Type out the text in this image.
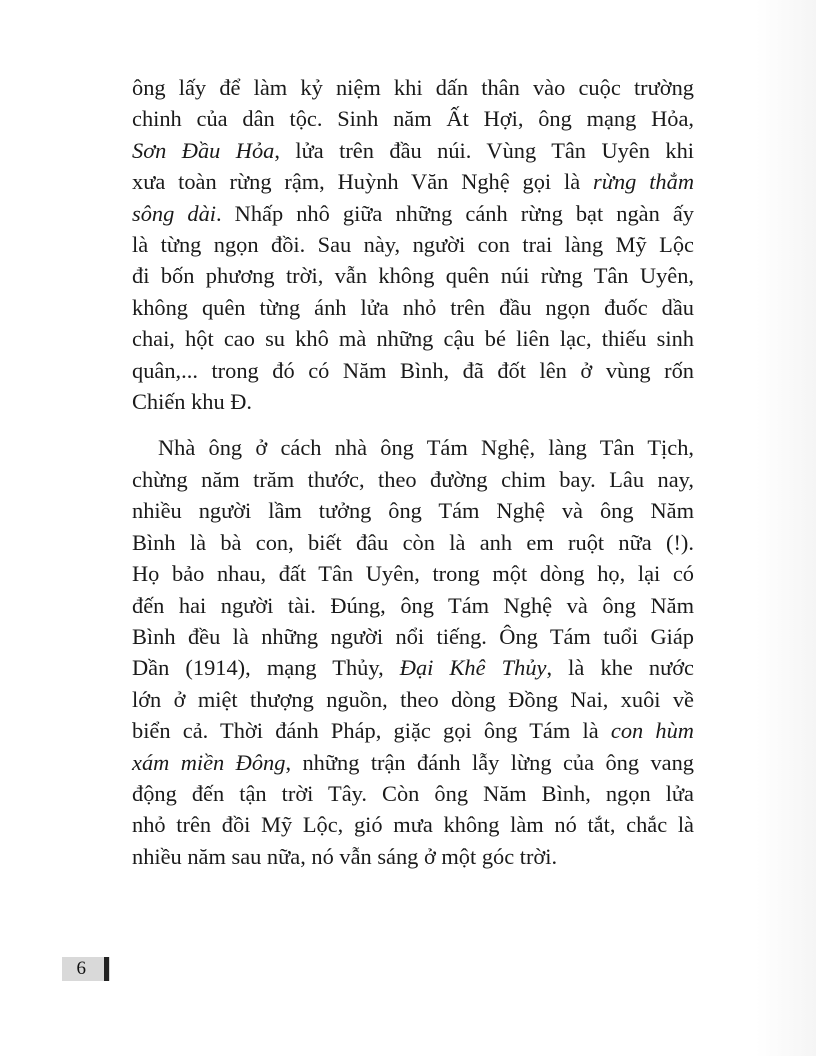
ông lấy để làm kỷ niệm khi dấn thân vào cuộc trường
chinh của dân tộc. Sinh năm Ất Hợi, ông mạng Hỏa,
Sơn Đầu Hỏa, lửa trên đầu núi. Vùng Tân Uyên khi
xưa toàn rừng rậm, Huỳnh Văn Nghệ gọi là rừng thẳm
sông dài. Nhấp nhô giữa những cánh rừng bạt ngàn ấy
là từng ngọn đồi. Sau này, người con trai làng Mỹ Lộc
đi bốn phương trời, vẫn không quên núi rừng Tân Uyên,
không quên từng ánh lửa nhỏ trên đầu ngọn đuốc dầu
chai, hột cao su khô mà những cậu bé liên lạc, thiếu sinh
quân,... trong đó có Năm Bình, đã đốt lên ở vùng rốn
Chiến khu Đ.
Nhà ông ở cách nhà ông Tám Nghệ, làng Tân Tịch,
chừng năm trăm thước, theo đường chim bay. Lâu nay,
nhiều người lầm tưởng ông Tám Nghệ và ông Năm
Bình là bà con, biết đâu còn là anh em ruột nữa (!).
Họ bảo nhau, đất Tân Uyên, trong một dòng họ, lại có
đến hai người tài. Đúng, ông Tám Nghệ và ông Năm
Bình đều là những người nổi tiếng. Ông Tám tuổi Giáp
Dần (1914), mạng Thủy, Đại Khê Thủy, là khe nước
lớn ở miệt thượng nguồn, theo dòng Đồng Nai, xuôi về
biển cả. Thời đánh Pháp, giặc gọi ông Tám là con hùm
xám miền Đông, những trận đánh lẫy lừng của ông vang
động đến tận trời Tây. Còn ông Năm Bình, ngọn lửa
nhỏ trên đồi Mỹ Lộc, gió mưa không làm nó tắt, chắc là
nhiều năm sau nữa, nó vẫn sáng ở một góc trời.
6
